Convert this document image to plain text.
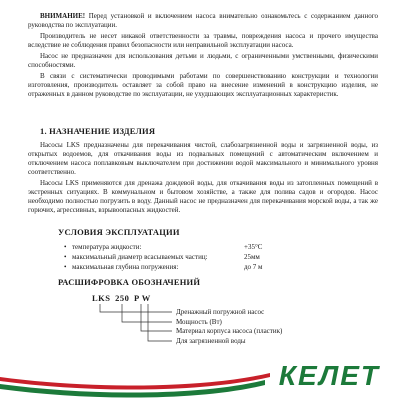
ВНИМАНИЕ! Перед установкой и включением насоса внимательно ознакомьтесь с содержанием данного руководства по эксплуатации.

Производитель не несет никакой ответственности за травмы, повреждения насоса и прочего имущества вследствие не соблюдения правил безопасности или неправильной эксплуатации насоса.

Насос не предназначен для использования детьми и людьми, с ограниченными умственными, физическими способностями.

В связи с систематически проводимыми работами по совершенствованию конструкции и технологии изготовления, производитель оставляет за собой право на внесение изменений в конструкцию изделия, не отраженных в данном руководстве по эксплуатации, не ухудшающих эксплуатационных характеристик.

1. НАЗНАЧЕНИЕ ИЗДЕЛИЯ

Насосы LKS предназначены для перекачивания чистой, слабозагрязненной воды и загрязненной воды, из открытых водоемов, для откачивания воды из подвальных помещений с автоматическим включением и отключением насоса поплавковым выключателем при достижении водой максимального и минимального уровня соответственно.

Насосы LKS применяются для дренажа дождевой воды, для откачивания воды из затопленных помещений в экстренных ситуациях. В коммунальном и бытовом хозяйстве, а также для полива садов и огородов. Насос необходимо полностью погрузить в воду. Данный насос не предназначен для перекачивания морской воды, а так же горючих, агрессивных, взрывоопасных жидкостей.

УСЛОВИЯ ЭКСПЛУАТАЦИИ
• температура жидкости:	+35°С
• максимальный диаметр всасываемых частиц:	25мм
• максимальная глубина погружения:	до 7 м
РАСШИФРОВКА ОБОЗНАЧЕНИЙ
LKS 250 P W
Дренажный погружной насос
Мощность (Вт)
Материал корпуса насоса (пластик)
Для загрязненной воды
КЕЛЕТ
